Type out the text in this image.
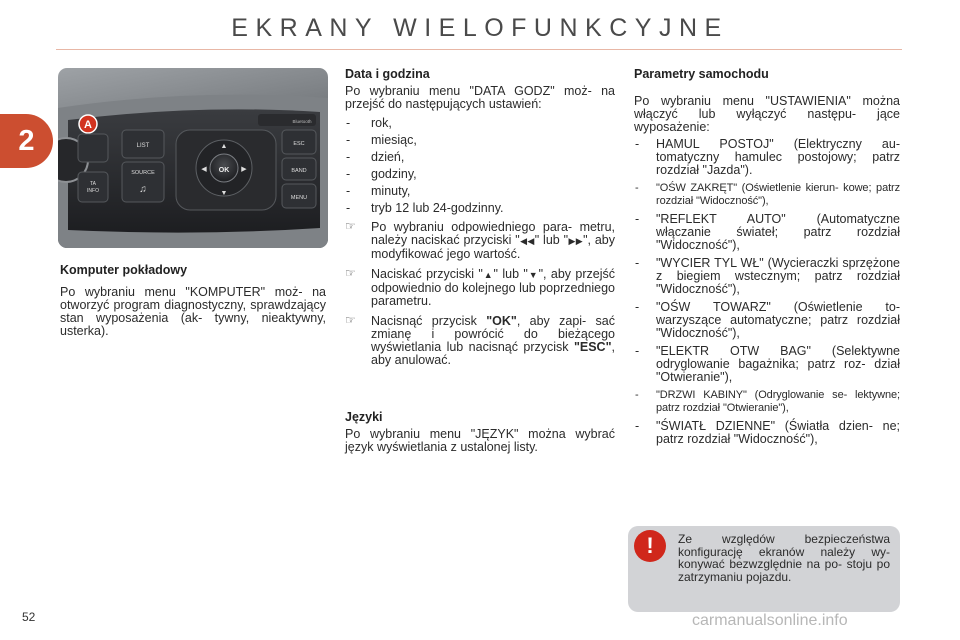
EKRANY WIELOFUNKCYJNE
2	A
TA
INFO
LIST
SOURCE
♫
OK
▲
▼
◀	▶
ESC
BAND
MENU
Bluetooth
Komputer pokładowy

Po wybraniu menu "KOMPUTER" moż- na otworzyć program diagnostyczny, sprawdzający stan wyposażenia (ak- tywny, nieaktywny, usterka).

Data i godzina

Po wybraniu menu "DATA GODZ" moż- na przejść do następujących ustawień:

- rok,
- miesiąc,
- dzień,
- godziny,
- minuty,
- tryb 12 lub 24-godzinny.
☞ Po wybraniu odpowiedniego para- metru, należy naciskać przyciski "◀◀" lub "▶▶", aby modyfikować jego wartość.
☞ Naciskać przyciski "▲" lub "▼", aby przejść odpowiednio do kolejnego lub poprzedniego parametru.
☞ Nacisnąć przycisk "OK", aby zapi- sać zmianę i powrócić do bieżącego wyświetlania lub nacisnąć przycisk "ESC", aby anulować.
Języki

Po wybraniu menu "JĘZYK" można wybrać język wyświetlania z ustalonej listy.

Parametry samochodu

Po wybraniu menu "USTAWIENIA" można włączyć lub wyłączyć następu- jące wyposażenie:

- HAMUL POSTOJ" (Elektryczny au- tomatyczny hamulec postojowy; patrz rozdział "Jazda").
- "OŚW ZAKRĘT" (Oświetlenie kierun- kowe; patrz rozdział "Widoczność"),
- "REFLEKT AUTO" (Automatyczne włączanie świateł; patrz rozdział "Widoczność"),
- "WYCIER TYL WŁ" (Wycieraczki sprzężone z biegiem wstecznym; patrz rozdział "Widoczność"),
- "OŚW TOWARZ" (Oświetlenie to- warzyszące automatyczne; patrz rozdział "Widoczność"),
- "ELEKTR OTW BAG" (Selektywne odryglowanie bagażnika; patrz roz- dział "Otwieranie"),
- "DRZWI KABINY" (Odryglowanie se- lektywne; patrz rozdział "Otwieranie"),
- "ŚWIATŁ DZIENNE" (Światła dzien- ne; patrz rozdział "Widoczność"),
! Ze względów bezpieczeństwa konfigurację ekranów należy wy- konywać bezwzględnie na po- stoju po zatrzymaniu pojazdu.
52	carmanualsonline.info
